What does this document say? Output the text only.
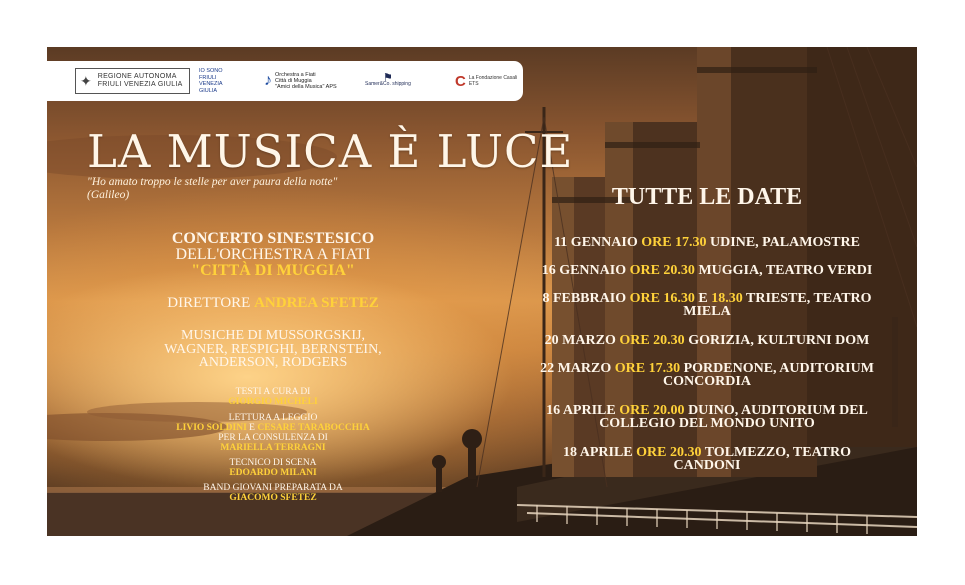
✦ REGIONE AUTONOMA
FRIULI VENEZIA GIULIA
IO SONO
FRIULI
VENEZIA
GIULIA
♪ Orchestra a Fiati
Città di Muggia
"Amici della Musica" APS
⚑
Samer&Co. shipping	C La Fondazione Casali ETS
LA MUSICA È LUCE
"Ho amato troppo le stelle per aver paura della notte"
(Galileo)
CONCERTO SINESTESICO
DELL'ORCHESTRA A FIATI
"CITTÀ DI MUGGIA"
DIRETTORE ANDREA SFETEZ
MUSICHE DI MUSSORGSKIJ,
WAGNER, RESPIGHI, BERNSTEIN,
ANDERSON, RODGERS
TESTI A CURA DI
GIORGIO MICHELI
LETTURA A LEGGIO
LIVIO SOLDINI E CESARE TARABOCCHIA
PER LA CONSULENZA DI
MARIELLA TERRAGNI
TECNICO DI SCENA
EDOARDO MILANI
BAND GIOVANI PREPARATA DA
GIACOMO SFETEZ
TUTTE LE DATE
11 GENNAIO ORE 17.30 UDINE, PALAMOSTRE
16 GENNAIO ORE 20.30 MUGGIA, TEATRO VERDI
8 FEBBRAIO ORE 16.30 E 18.30 TRIESTE, TEATRO
MIELA
20 MARZO ORE 20.30 GORIZIA, KULTURNI DOM
22 MARZO ORE 17.30 PORDENONE, AUDITORIUM
CONCORDIA
16 APRILE ORE 20.00 DUINO, AUDITORIUM DEL
COLLEGIO DEL MONDO UNITO
18 APRILE ORE 20.30 TOLMEZZO, TEATRO
CANDONI
